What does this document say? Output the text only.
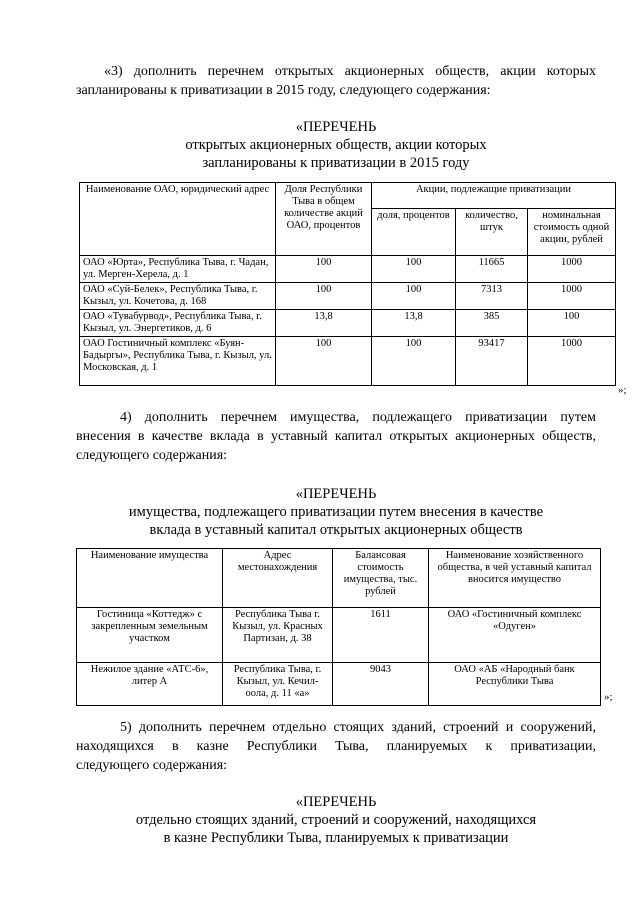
«3) дополнить перечнем открытых акционерных обществ, акции которых
запланированы к приватизации в 2015 году, следующего содержания:

«ПЕРЕЧЕНЬ
открытых акционерных обществ, акции которых
запланированы к приватизации в 2015 году
Наименование ОАО, юридический адрес	Доля Республики Тыва в общем количестве акций ОАО, процентов	Акции, подлежащие приватизации		
		доля, процентов	количество, штук	номинальная стоимость одной акции, рублей
ОАО «Юрта», Республика Тыва, г. Чадан, ул. Мерген-Херела, д. 1	100	100	11665	1000
ОАО «Суй-Белек», Республика Тыва, г. Кызыл, ул. Кочетова, д. 168	100	100	7313	1000
ОАО «Тувабурвод», Республика Тыва, г. Кызыл, ул. Энергетиков, д. 6	13,8	13,8	385	100
ОАО Гостиничный комплекс «Буян-Бадыргы», Республика Тыва, г. Кызыл, ул. Московская, д. 1	100	100	93417	1000
»;

4) дополнить перечнем имущества, подлежащего приватизации путем
внесения в качестве вклада в уставный капитал открытых акционерных обществ,
следующего содержания:

«ПЕРЕЧЕНЬ
имущества, подлежащего приватизации путем внесения в качестве
вклада в уставный капитал открытых акционерных обществ
Наименование имущества	Адрес местонахождения	Балансовая стоимость имущества, тыс. рублей	Наименование хозяйственного общества, в чей уставный капитал вносится имущество
Гостиница «Коттедж» с закрепленным земельным участком	Республика Тыва г. Кызыл, ул. Красных Партизан, д. 38	1611	ОАО «Гостиничный комплекс «Одуген»
Нежилое здание «АТС-6», литер А	Республика Тыва, г. Кызыл, ул. Кечил-оола, д. 11 «а»	9043	ОАО «АБ «Народный банк Республики Тыва
»;

5) дополнить перечнем отдельно стоящих зданий, строений и сооружений,
находящихся в казне Республики Тыва, планируемых к приватизации,
следующего содержания:

«ПЕРЕЧЕНЬ
отдельно стоящих зданий, строений и сооружений, находящихся
в казне Республики Тыва, планируемых к приватизации
